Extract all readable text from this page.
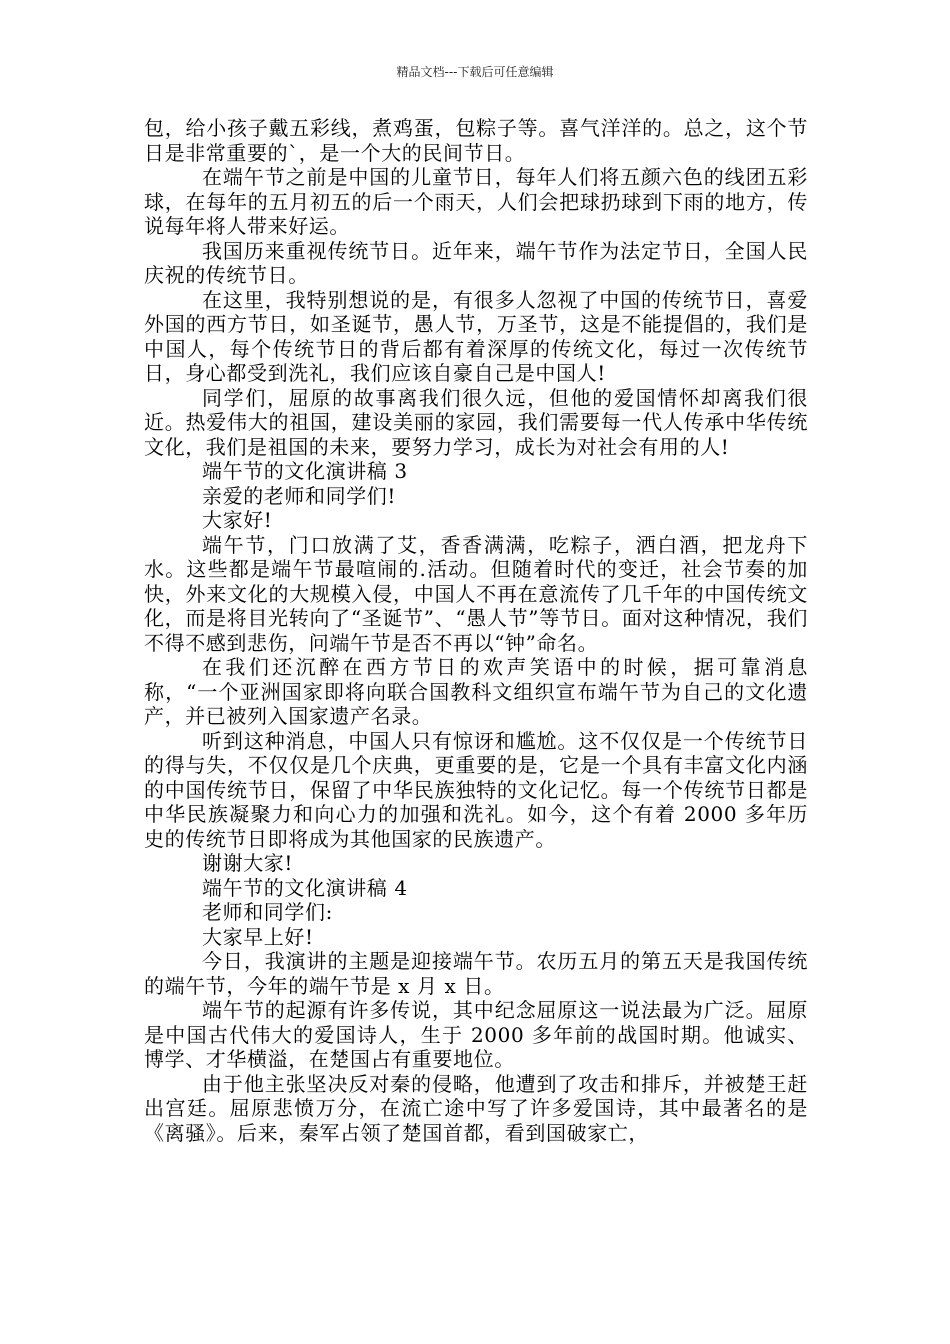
精品文档---下载后可任意编辑

包，给小孩子戴五彩线，煮鸡蛋，包粽子等。喜气洋洋的。总之，这个节日是非常重要的`，是一个大的民间节日。

在端午节之前是中国的儿童节日，每年人们将五颜六色的线团五彩球，在每年的五月初五的后一个雨天，人们会把球扔球到下雨的地方，传说每年将人带来好运。

我国历来重视传统节日。近年来，端午节作为法定节日，全国人民庆祝的传统节日。

在这里，我特别想说的是，有很多人忽视了中国的传统节日，喜爱外国的西方节日，如圣诞节，愚人节，万圣节，这是不能提倡的，我们是中国人，每个传统节日的背后都有着深厚的传统文化，每过一次传统节日，身心都受到洗礼，我们应该自豪自己是中国人!

同学们，屈原的故事离我们很久远，但他的爱国情怀却离我们很近。热爱伟大的祖国，建设美丽的家园，我们需要每一代人传承中华传统文化，我们是祖国的未来，要努力学习，成长为对社会有用的人!

端午节的文化演讲稿 3

亲爱的老师和同学们!

大家好!

端午节，门口放满了艾，香香满满，吃粽子，洒白酒，把龙舟下水。这些都是端午节最喧闹的.活动。但随着时代的变迁，社会节奏的加快，外来文化的大规模入侵，中国人不再在意流传了几千年的中国传统文化，而是将目光转向了“圣诞节”、“愚人节”等节日。面对这种情况，我们不得不感到悲伤，问端午节是否不再以“钟”命名。

在我们还沉醉在西方节日的欢声笑语中的时候，据可靠消息称，“一个亚洲国家即将向联合国教科文组织宣布端午节为自己的文化遗产，并已被列入国家遗产名录。

听到这种消息，中国人只有惊讶和尴尬。这不仅仅是一个传统节日的得与失，不仅仅是几个庆典，更重要的是，它是一个具有丰富文化内涵的中国传统节日，保留了中华民族独特的文化记忆。每一个传统节日都是中华民族凝聚力和向心力的加强和洗礼。如今，这个有着 2000 多年历史的传统节日即将成为其他国家的民族遗产。

谢谢大家!

端午节的文化演讲稿 4

老师和同学们:

大家早上好!

今日，我演讲的主题是迎接端午节。农历五月的第五天是我国传统的端午节，今年的端午节是 x 月 x 日。

端午节的起源有许多传说，其中纪念屈原这一说法最为广泛。屈原是中国古代伟大的爱国诗人，生于 2000 多年前的战国时期。他诚实、博学、才华横溢，在楚国占有重要地位。

由于他主张坚决反对秦的侵略，他遭到了攻击和排斥，并被楚王赶出宫廷。屈原悲愤万分，在流亡途中写了许多爱国诗，其中最著名的是《离骚》。后来，秦军占领了楚国首都，看到国破家亡，
